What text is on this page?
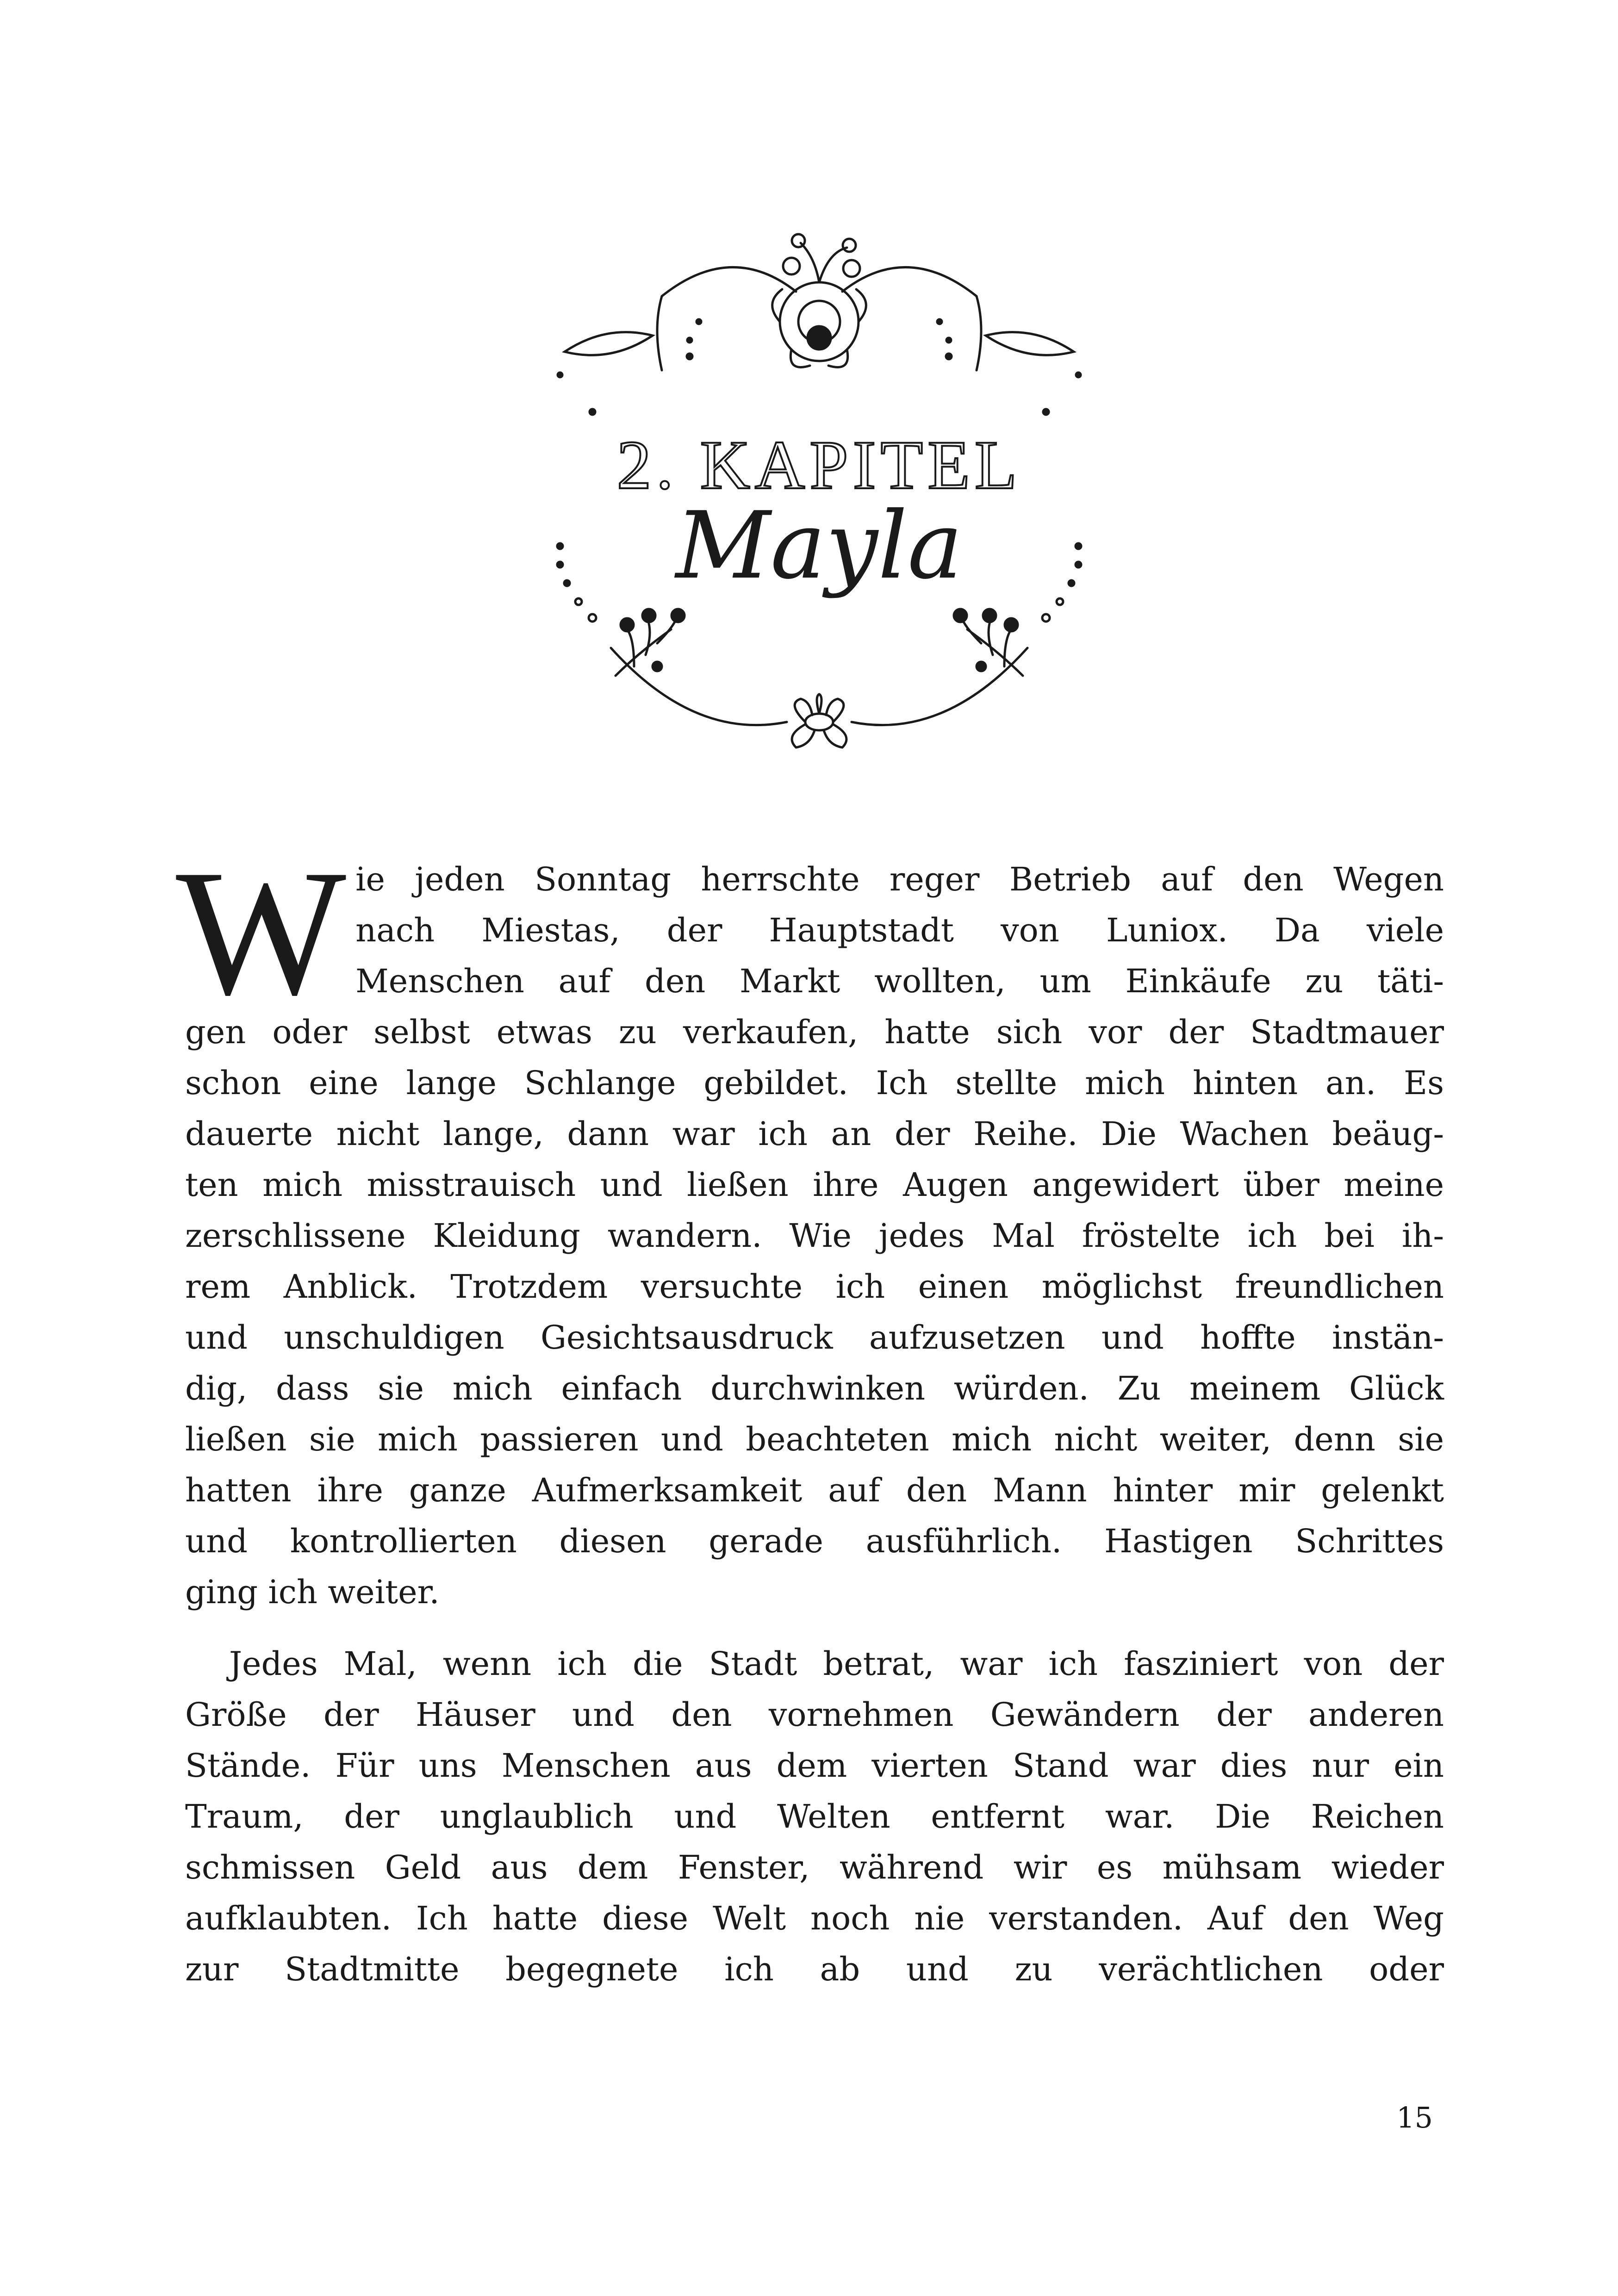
2. KAPITEL
Mayla
W ie jeden Sonntag herrschte reger Betrieb auf den Wegen
nach Miestas, der Hauptstadt von Luniox. Da viele
Menschen auf den Markt wollten, um Einkäufe zu täti-
gen oder selbst etwas zu verkaufen, hatte sich vor der Stadtmauer
schon eine lange Schlange gebildet. Ich stellte mich hinten an. Es
dauerte nicht lange, dann war ich an der Reihe. Die Wachen beäug-
ten mich misstrauisch und ließen ihre Augen angewidert über meine
zerschlissene Kleidung wandern. Wie jedes Mal fröstelte ich bei ih-
rem Anblick. Trotzdem versuchte ich einen möglichst freundlichen
und unschuldigen Gesichtsausdruck aufzusetzen und hoffte instän-
dig, dass sie mich einfach durchwinken würden. Zu meinem Glück
ließen sie mich passieren und beachteten mich nicht weiter, denn sie
hatten ihre ganze Aufmerksamkeit auf den Mann hinter mir gelenkt
und kontrollierten diesen gerade ausführlich. Hastigen Schrittes
ging ich weiter.
Jedes Mal, wenn ich die Stadt betrat, war ich fasziniert von der
Größe der Häuser und den vornehmen Gewändern der anderen
Stände. Für uns Menschen aus dem vierten Stand war dies nur ein
Traum, der unglaublich und Welten entfernt war. Die Reichen
schmissen Geld aus dem Fenster, während wir es mühsam wieder
aufklaubten. Ich hatte diese Welt noch nie verstanden. Auf den Weg
zur Stadtmitte begegnete ich ab und zu verächtlichen oder
15
